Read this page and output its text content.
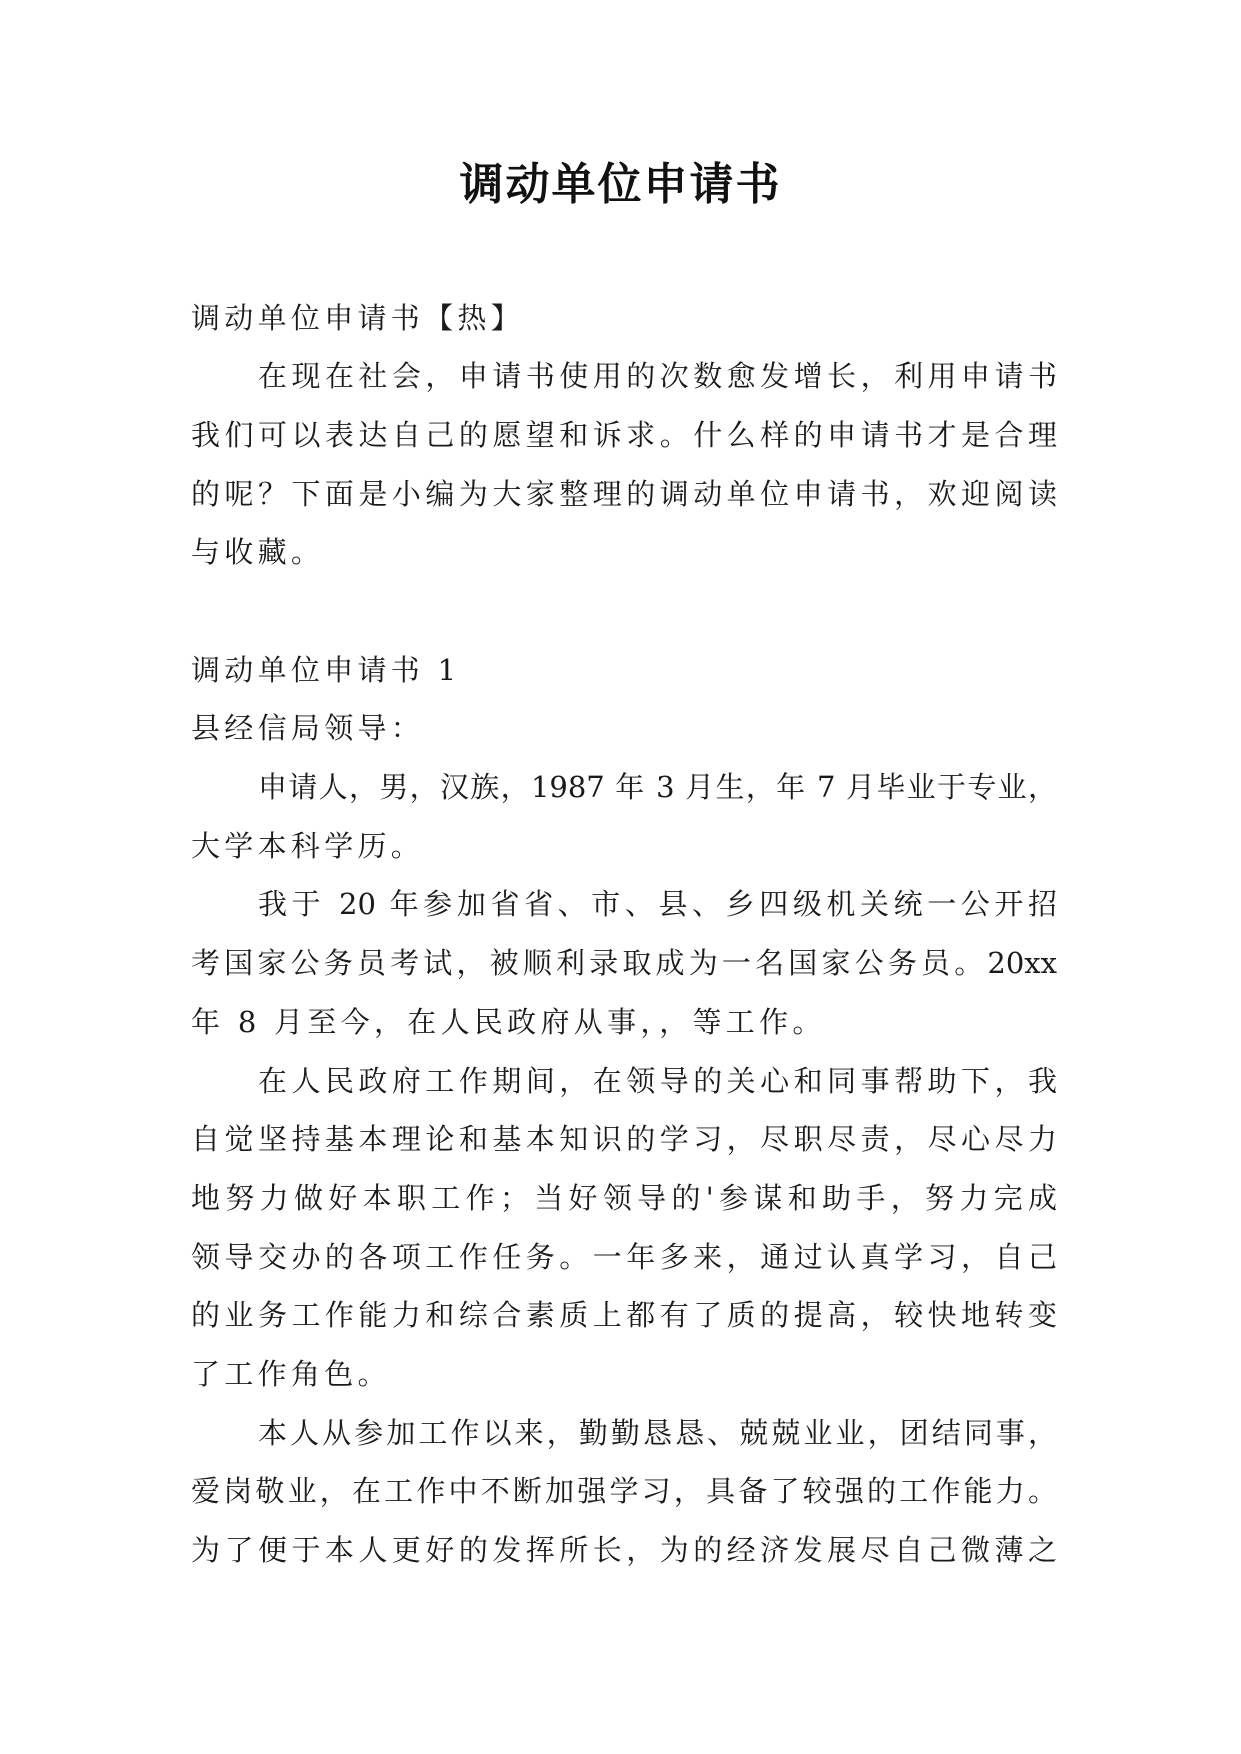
调动单位申请书
调动单位申请书【热】
在现在社会，申请书使用的次数愈发增长，利用申请书
我们可以表达自己的愿望和诉求。什么样的申请书才是合理
的呢？下面是小编为大家整理的调动单位申请书，欢迎阅读
与收藏。
调动单位申请书 1
县经信局领导：
申请人，男，汉族，1987 年 3 月生，年 7 月毕业于专业，
大学本科学历。
我于 20 年参加省省、市、县、乡四级机关统一公开招
考国家公务员考试，被顺利录取成为一名国家公务员。20xx
年 8 月至今，在人民政府从事，，等工作。
在人民政府工作期间，在领导的关心和同事帮助下，我
自觉坚持基本理论和基本知识的学习，尽职尽责，尽心尽力
地努力做好本职工作；当好领导的'参谋和助手，努力完成
领导交办的各项工作任务。一年多来，通过认真学习，自己
的业务工作能力和综合素质上都有了质的提高，较快地转变
了工作角色。
本人从参加工作以来，勤勤恳恳、兢兢业业，团结同事，
爱岗敬业，在工作中不断加强学习，具备了较强的工作能力。
为了便于本人更好的发挥所长，为的经济发展尽自己微薄之
